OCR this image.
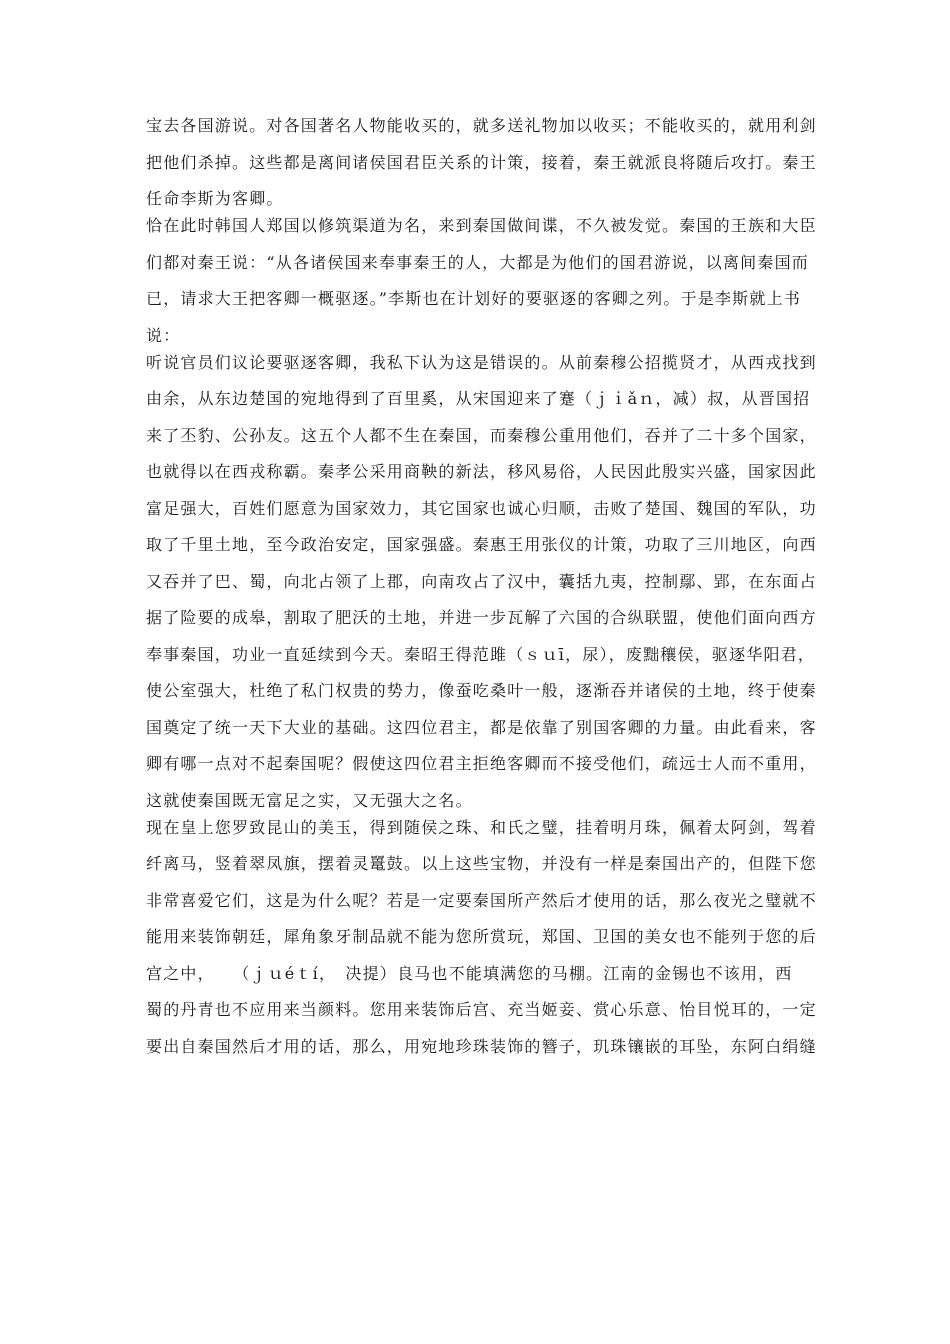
宝去各国游说。对各国著名人物能收买的，就多送礼物加以收买；不能收买的，就用利剑
把他们杀掉。这些都是离间诸侯国君臣关系的计策，接着，秦王就派良将随后攻打。秦王
任命李斯为客卿。
恰在此时韩国人郑国以修筑渠道为名，来到秦国做间谍，不久被发觉。秦国的王族和大臣
们都对秦王说：“从各诸侯国来奉事秦王的人，大都是为他们的国君游说，以离间秦国而
已，请求大王把客卿一概驱逐。”李斯也在计划好的要驱逐的客卿之列。于是李斯就上书
说：
听说官员们议论要驱逐客卿，我私下认为这是错误的。从前秦穆公招揽贤才，从西戎找到
由余，从东边楚国的宛地得到了百里奚，从宋国迎来了蹇（ｊｉǎｎ，减）叔，从晋国招
来了丕豹、公孙友。这五个人都不生在秦国，而秦穆公重用他们，吞并了二十多个国家，
也就得以在西戎称霸。秦孝公采用商鞅的新法，移风易俗，人民因此殷实兴盛，国家因此
富足强大，百姓们愿意为国家效力，其它国家也诚心归顺，击败了楚国、魏国的军队，功
取了千里土地，至今政治安定，国家强盛。秦惠王用张仪的计策，功取了三川地区，向西
又吞并了巴、蜀，向北占领了上郡，向南攻占了汉中，囊括九夷，控制鄢、郢，在东面占
据了险要的成皋，割取了肥沃的土地，并进一步瓦解了六国的合纵联盟，使他们面向西方
奉事秦国，功业一直延续到今天。秦昭王得范雎（ｓｕī，尿），废黜穰侯，驱逐华阳君，
使公室强大，杜绝了私门权贵的势力，像蚕吃桑叶一般，逐渐吞并诸侯的土地，终于使秦
国奠定了统一天下大业的基础。这四位君主，都是依靠了别国客卿的力量。由此看来，客
卿有哪一点对不起秦国呢？假使这四位君主拒绝客卿而不接受他们，疏远士人而不重用，
这就使秦国既无富足之实，又无强大之名。
现在皇上您罗致昆山的美玉，得到随侯之珠、和氏之璧，挂着明月珠，佩着太阿剑，驾着
纤离马，竖着翠凤旗，摆着灵鼍鼓。以上这些宝物，并没有一样是秦国出产的，但陛下您
非常喜爱它们，这是为什么呢？若是一定要秦国所产然后才使用的话，那么夜光之璧就不
能用来装饰朝廷，犀角象牙制品就不能为您所赏玩，郑国、卫国的美女也不能列于您的后
宫之中，　　（ｊｕéｔí，　决提）良马也不能填满您的马棚。江南的金锡也不该用，西
蜀的丹青也不应用来当颜料。您用来装饰后宫、充当姬妾、赏心乐意、怡目悦耳的，一定
要出自秦国然后才用的话，那么，用宛地珍珠装饰的簪子，玑珠镶嵌的耳坠，东阿白绢缝
